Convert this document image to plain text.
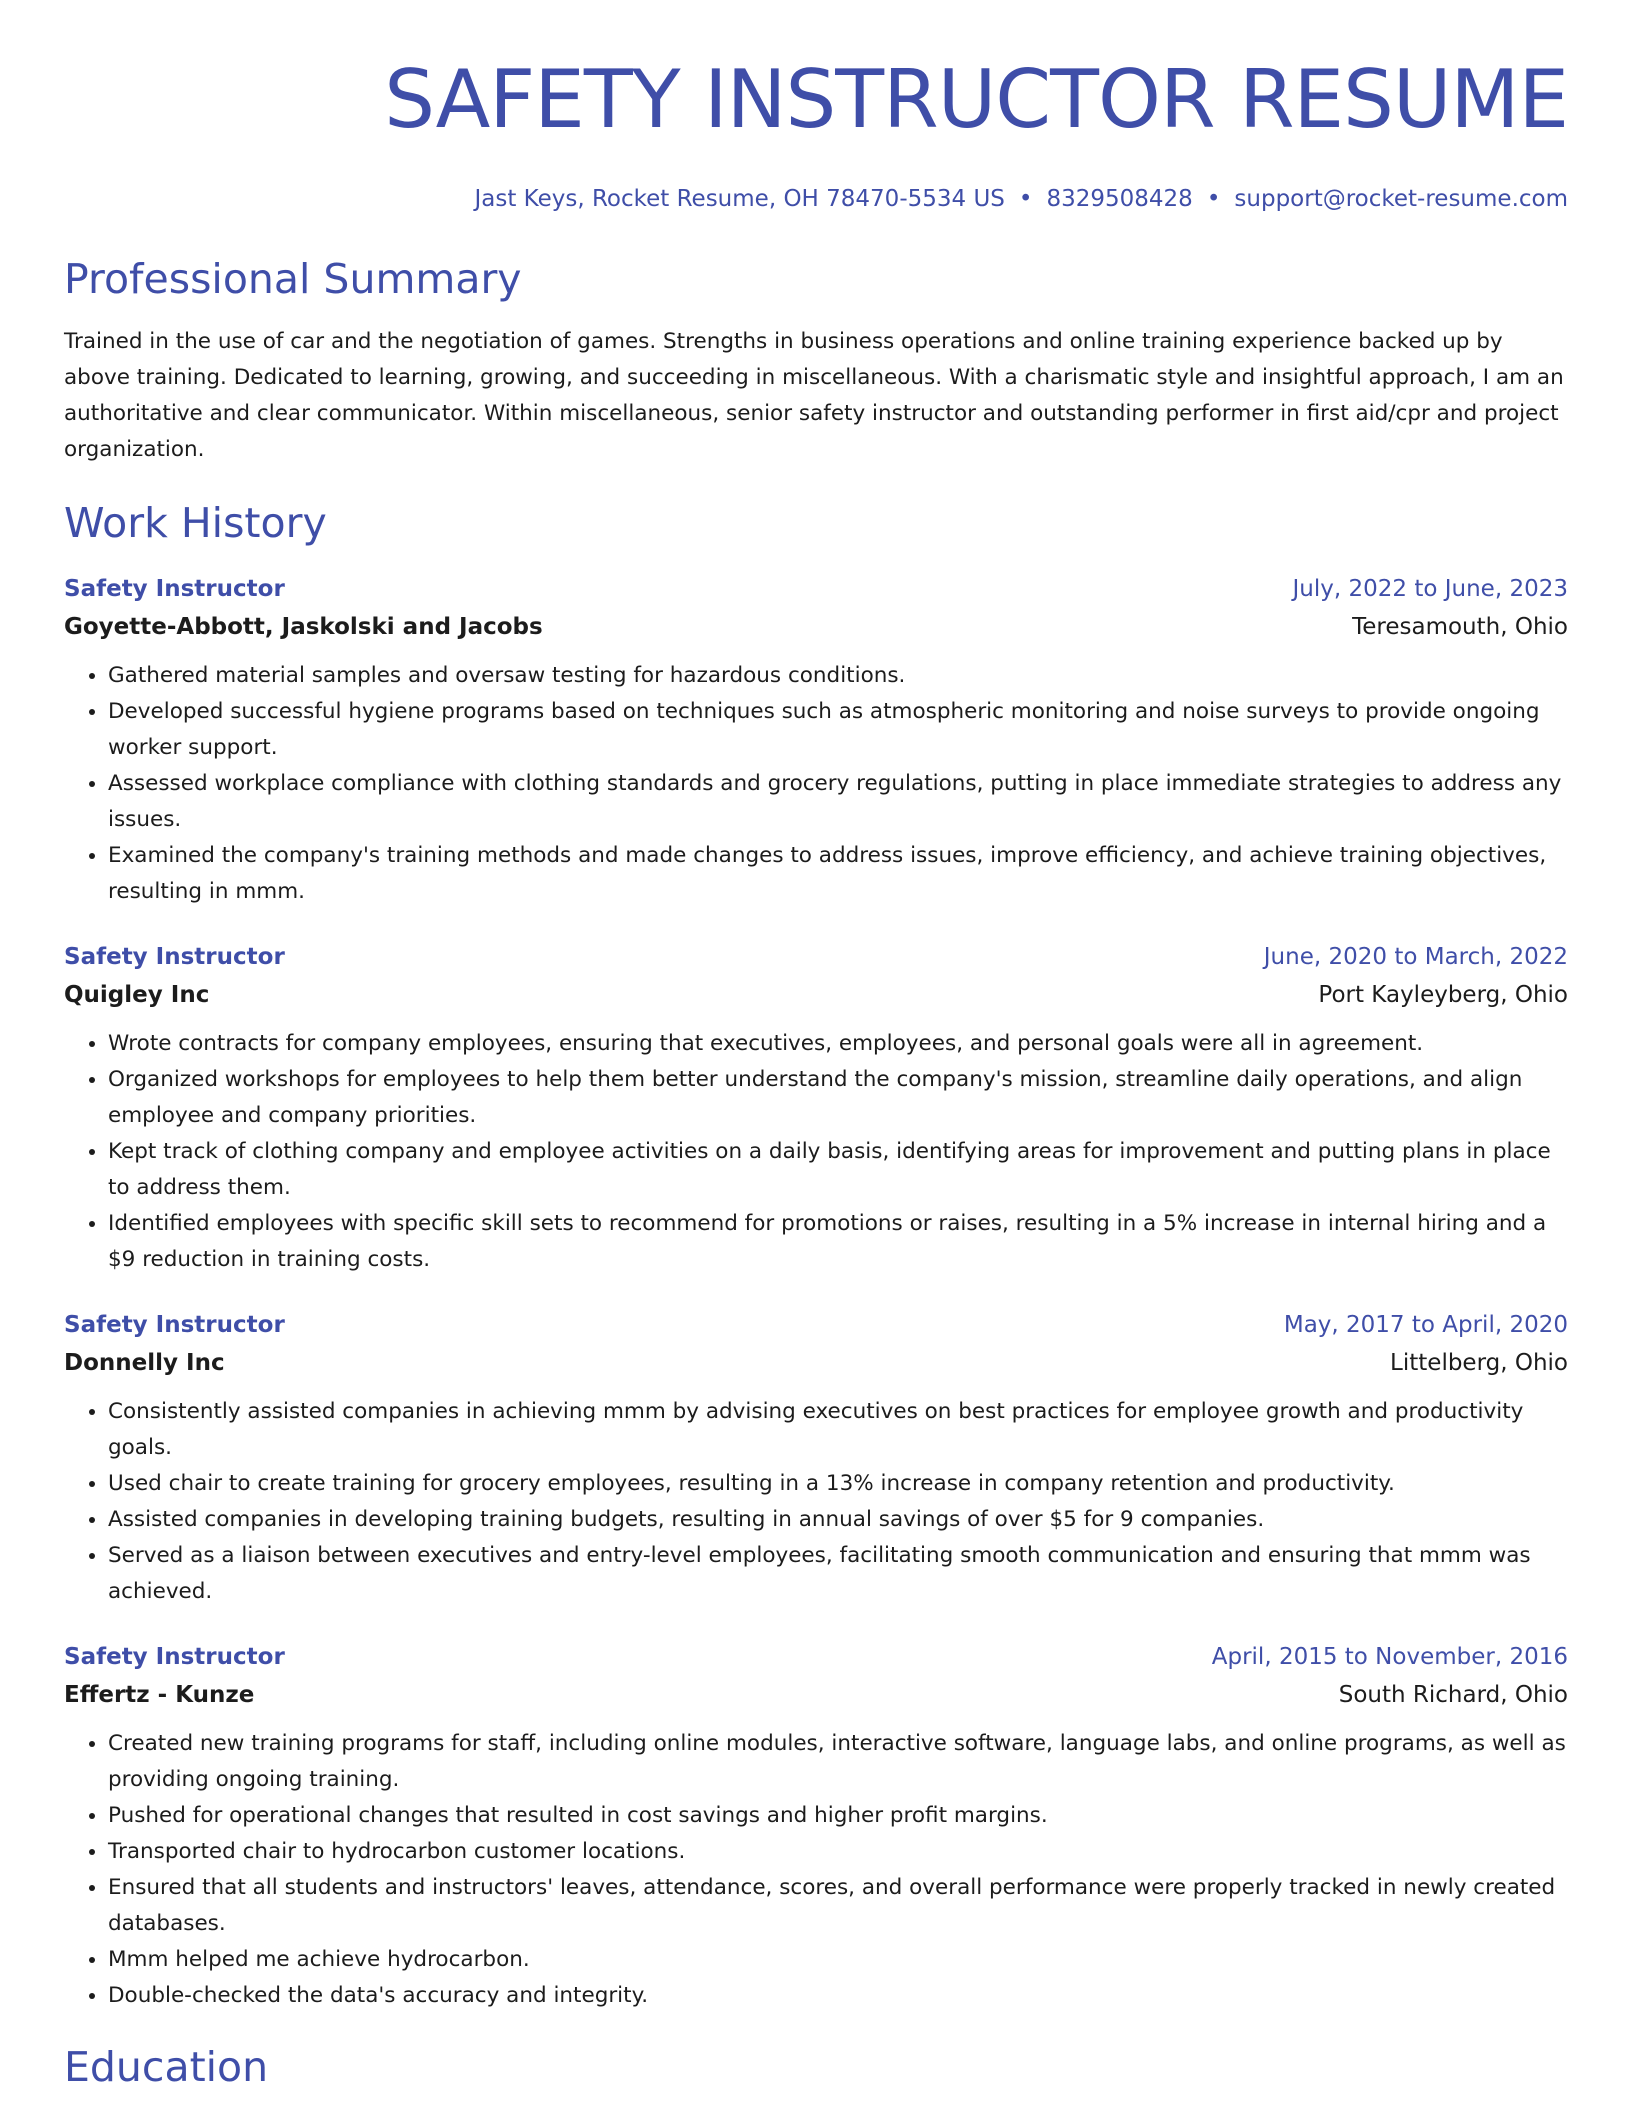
SAFETY INSTRUCTOR RESUME
Jast Keys, Rocket Resume, OH 78470-5534 US • 8329508428 • support@rocket-resume.com
Professional Summary

Trained in the use of car and the negotiation of games. Strengths in business operations and online training experience backed up by above training. Dedicated to learning, growing, and succeeding in miscellaneous. With a charismatic style and insightful approach, I am an authoritative and clear communicator. Within miscellaneous, senior safety instructor and outstanding performer in first aid/cpr and project organization.

Work History
Safety Instructor	July, 2022 to June, 2023
Goyette-Abbott, Jaskolski and Jacobs	Teresamouth, Ohio
• Gathered material samples and oversaw testing for hazardous conditions.
• Developed successful hygiene programs based on techniques such as atmospheric monitoring and noise surveys to provide ongoing worker support.
• Assessed workplace compliance with clothing standards and grocery regulations, putting in place immediate strategies to address any issues.
• Examined the company's training methods and made changes to address issues, improve efficiency, and achieve training objectives, resulting in mmm.
Safety Instructor	June, 2020 to March, 2022
Quigley Inc	Port Kayleyberg, Ohio
• Wrote contracts for company employees, ensuring that executives, employees, and personal goals were all in agreement.
• Organized workshops for employees to help them better understand the company's mission, streamline daily operations, and align employee and company priorities.
• Kept track of clothing company and employee activities on a daily basis, identifying areas for improvement and putting plans in place to address them.
• Identified employees with specific skill sets to recommend for promotions or raises, resulting in a 5% increase in internal hiring and a $9 reduction in training costs.
Safety Instructor	May, 2017 to April, 2020
Donnelly Inc	Littelberg, Ohio
• Consistently assisted companies in achieving mmm by advising executives on best practices for employee growth and productivity goals.
• Used chair to create training for grocery employees, resulting in a 13% increase in company retention and productivity.
• Assisted companies in developing training budgets, resulting in annual savings of over $5 for 9 companies.
• Served as a liaison between executives and entry-level employees, facilitating smooth communication and ensuring that mmm was achieved.
Safety Instructor	April, 2015 to November, 2016
Effertz - Kunze	South Richard, Ohio
• Created new training programs for staff, including online modules, interactive software, language labs, and online programs, as well as providing ongoing training.
• Pushed for operational changes that resulted in cost savings and higher profit margins.
• Transported chair to hydrocarbon customer locations.
• Ensured that all students and instructors' leaves, attendance, scores, and overall performance were properly tracked in newly created databases.
• Mmm helped me achieve hydrocarbon.
• Double-checked the data's accuracy and integrity.
Education
